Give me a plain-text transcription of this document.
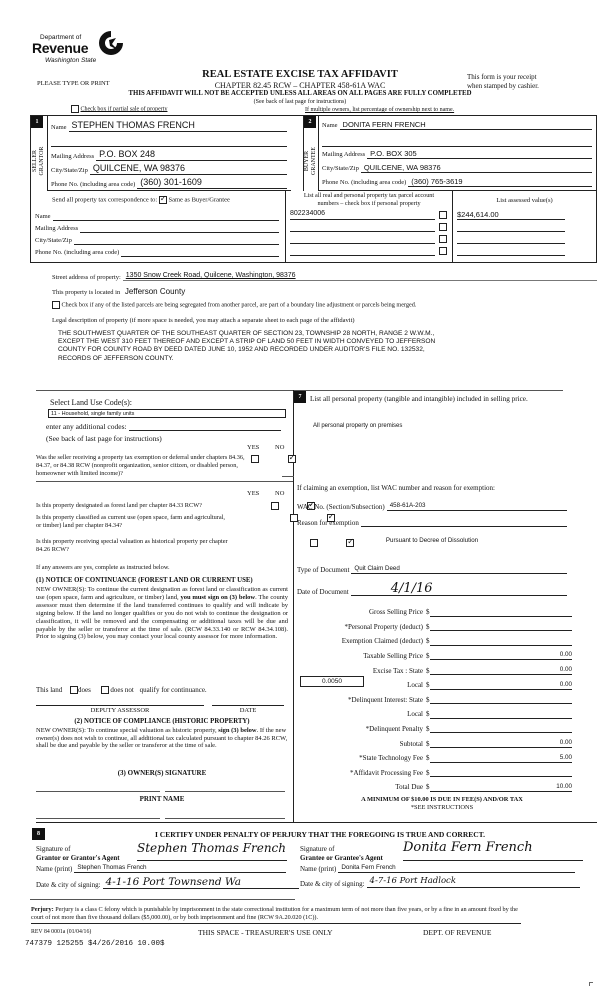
Department of
Revenue
Washington State
PLEASE TYPE OR PRINT
REAL ESTATE EXCISE TAX AFFIDAVIT
CHAPTER 82.45 RCW – CHAPTER 458-61A WAC
This form is your receipt
when stamped by cashier.
THIS AFFIDAVIT WILL NOT BE ACCEPTED UNLESS ALL AREAS ON ALL PAGES ARE FULLY COMPLETED
(See back of last page for instructions)
Check box if partial sale of property	If multiple owners, list percentage of ownership next to name.
1
SELLER GRANTOR
Name STEPHEN THOMAS FRENCH
Mailing Address P.O. BOX 248
City/State/Zip QUILCENE, WA 98376
Phone No. (including area code) (360) 301-1609
2
BUYER GRANTEE
Name DONITA FERN FRENCH
Mailing Address P.O. BOX 305
City/State/Zip QUILCENE, WA 98376
Phone No. (including area code) (360) 765-3619
Send all property tax correspondence to: ✓ Same as Buyer/Grantee
Name
Mailing Address
City/State/Zip
Phone No. (including area code)
List all real and personal property tax parcel account
numbers – check box if personal property	List assessed value(s)
802234006	$244,614.00
Street address of property: 1350 Snow Creek Road, Quilcene, Washington, 98376
This property is located in Jefferson County
Check box if any of the listed parcels are being segregated from another parcel, are part of a boundary line adjustment or parcels being merged.
Legal description of property (if more space is needed, you may attach a separate sheet to each page of the affidavit)
THE SOUTHWEST QUARTER OF THE SOUTHEAST QUARTER OF SECTION 23, TOWNSHIP 28 NORTH, RANGE 2 W.W.M.,
EXCEPT THE WEST 310 FEET THEREOF AND EXCEPT A STRIP OF LAND 50 FEET IN WIDTH CONVEYED TO JEFFERSON
COUNTY FOR COUNTY ROAD BY DEED DATED JUNE 10, 1952 AND RECORDED UNDER AUDITOR'S FILE NO. 132532,
RECORDS OF JEFFERSON COUNTY.
Select Land Use Code(s):
11 - Household, single family units
enter any additional codes:
(See back of last page for instructions)
YES NO
Was the seller receiving a property tax exemption or deferral under chapters 84.36, 84.37, or 84.38 RCW (nonprofit organization, senior citizen, or disabled person, homeowner with limited income)?
✓
YES NO
Is this property designated as forest land per chapter 84.33 RCW?
✓
Is this property classified as current use (open space, farm and agricultural, or timber) land per chapter 84.34?
✓
Is this property receiving special valuation as historical property per chapter 84.26 RCW?
✓
If any answers are yes, complete as instructed below.
(1) NOTICE OF CONTINUANCE (FOREST LAND OR CURRENT USE)
NEW OWNER(S): To continue the current designation as forest land or classification as current use (open space, farm and agriculture, or timber) land, you must sign on (3) below. The county assessor must then determine if the land transferred continues to qualify and will indicate by signing below. If the land no longer qualifies or you do not wish to continue the designation or classification, it will be removed and the compensating or additional taxes will be due and payable by the seller or transferor at the time of sale. (RCW 84.33.140 or RCW 84.34.108). Prior to signing (3) below, you may contact your local county assessor for more information.
This land does	does not qualify for continuance.
DEPUTY ASSESSOR	DATE
(2) NOTICE OF COMPLIANCE (HISTORIC PROPERTY)
NEW OWNER(S): To continue special valuation as historic property, sign (3) below. If the new owner(s) does not wish to continue, all additional tax calculated pursuant to chapter 84.26 RCW, shall be due and payable by the seller or transferor at the time of sale.
(3) OWNER(S) SIGNATURE
PRINT NAME
7	List all personal property (tangible and intangible) included in selling price.
All personal property on premises
If claiming an exemption, list WAC number and reason for exemption:
WAC No. (Section/Subsection) 458-61A-203
Reason for exemption
Pursuant to Decree of Dissolution
Type of Document Quit Claim Deed
Date of Document	4/1/16
Gross Selling Price $
*Personal Property (deduct) $
Exemption Claimed (deduct) $
Taxable Selling Price $	0.00
Excise Tax : State $	0.00
0.0050	Local $	0.00
*Delinquent Interest: State $
Local $
*Delinquent Penalty $
Subtotal $	0.00
*State Technology Fee $	5.00
*Affidavit Processing Fee $
Total Due $	10.00
A MINIMUM OF $10.00 IS DUE IN FEE(S) AND/OR TAX
*SEE INSTRUCTIONS
8	I CERTIFY UNDER PENALTY OF PERJURY THAT THE FOREGOING IS TRUE AND CORRECT.
Signature of
Grantor or Grantor's Agent
Stephen Thomas French
Name (print) Stephen Thomas French
Date & city of signing: 4-1-16 Port Townsend Wa
Signature of
Grantee or Grantee's Agent
Donita Fern French
Name (print) Donita Fern French
Date & city of signing: 4-7-16 Port Hadlock
Perjury: Perjury is a class C felony which is punishable by imprisonment in the state correctional institution for a maximum term of not more than five years, or by a fine in an amount fixed by the court of not more than five thousand dollars ($5,000.00), or by both imprisonment and fine (RCW 9A.20.020 (1C)).
REV 84 0001a (01/04/16)	THIS SPACE - TREASURER'S USE ONLY	DEPT. OF REVENUE
747379 125255 $4/26/2016 10.00$
